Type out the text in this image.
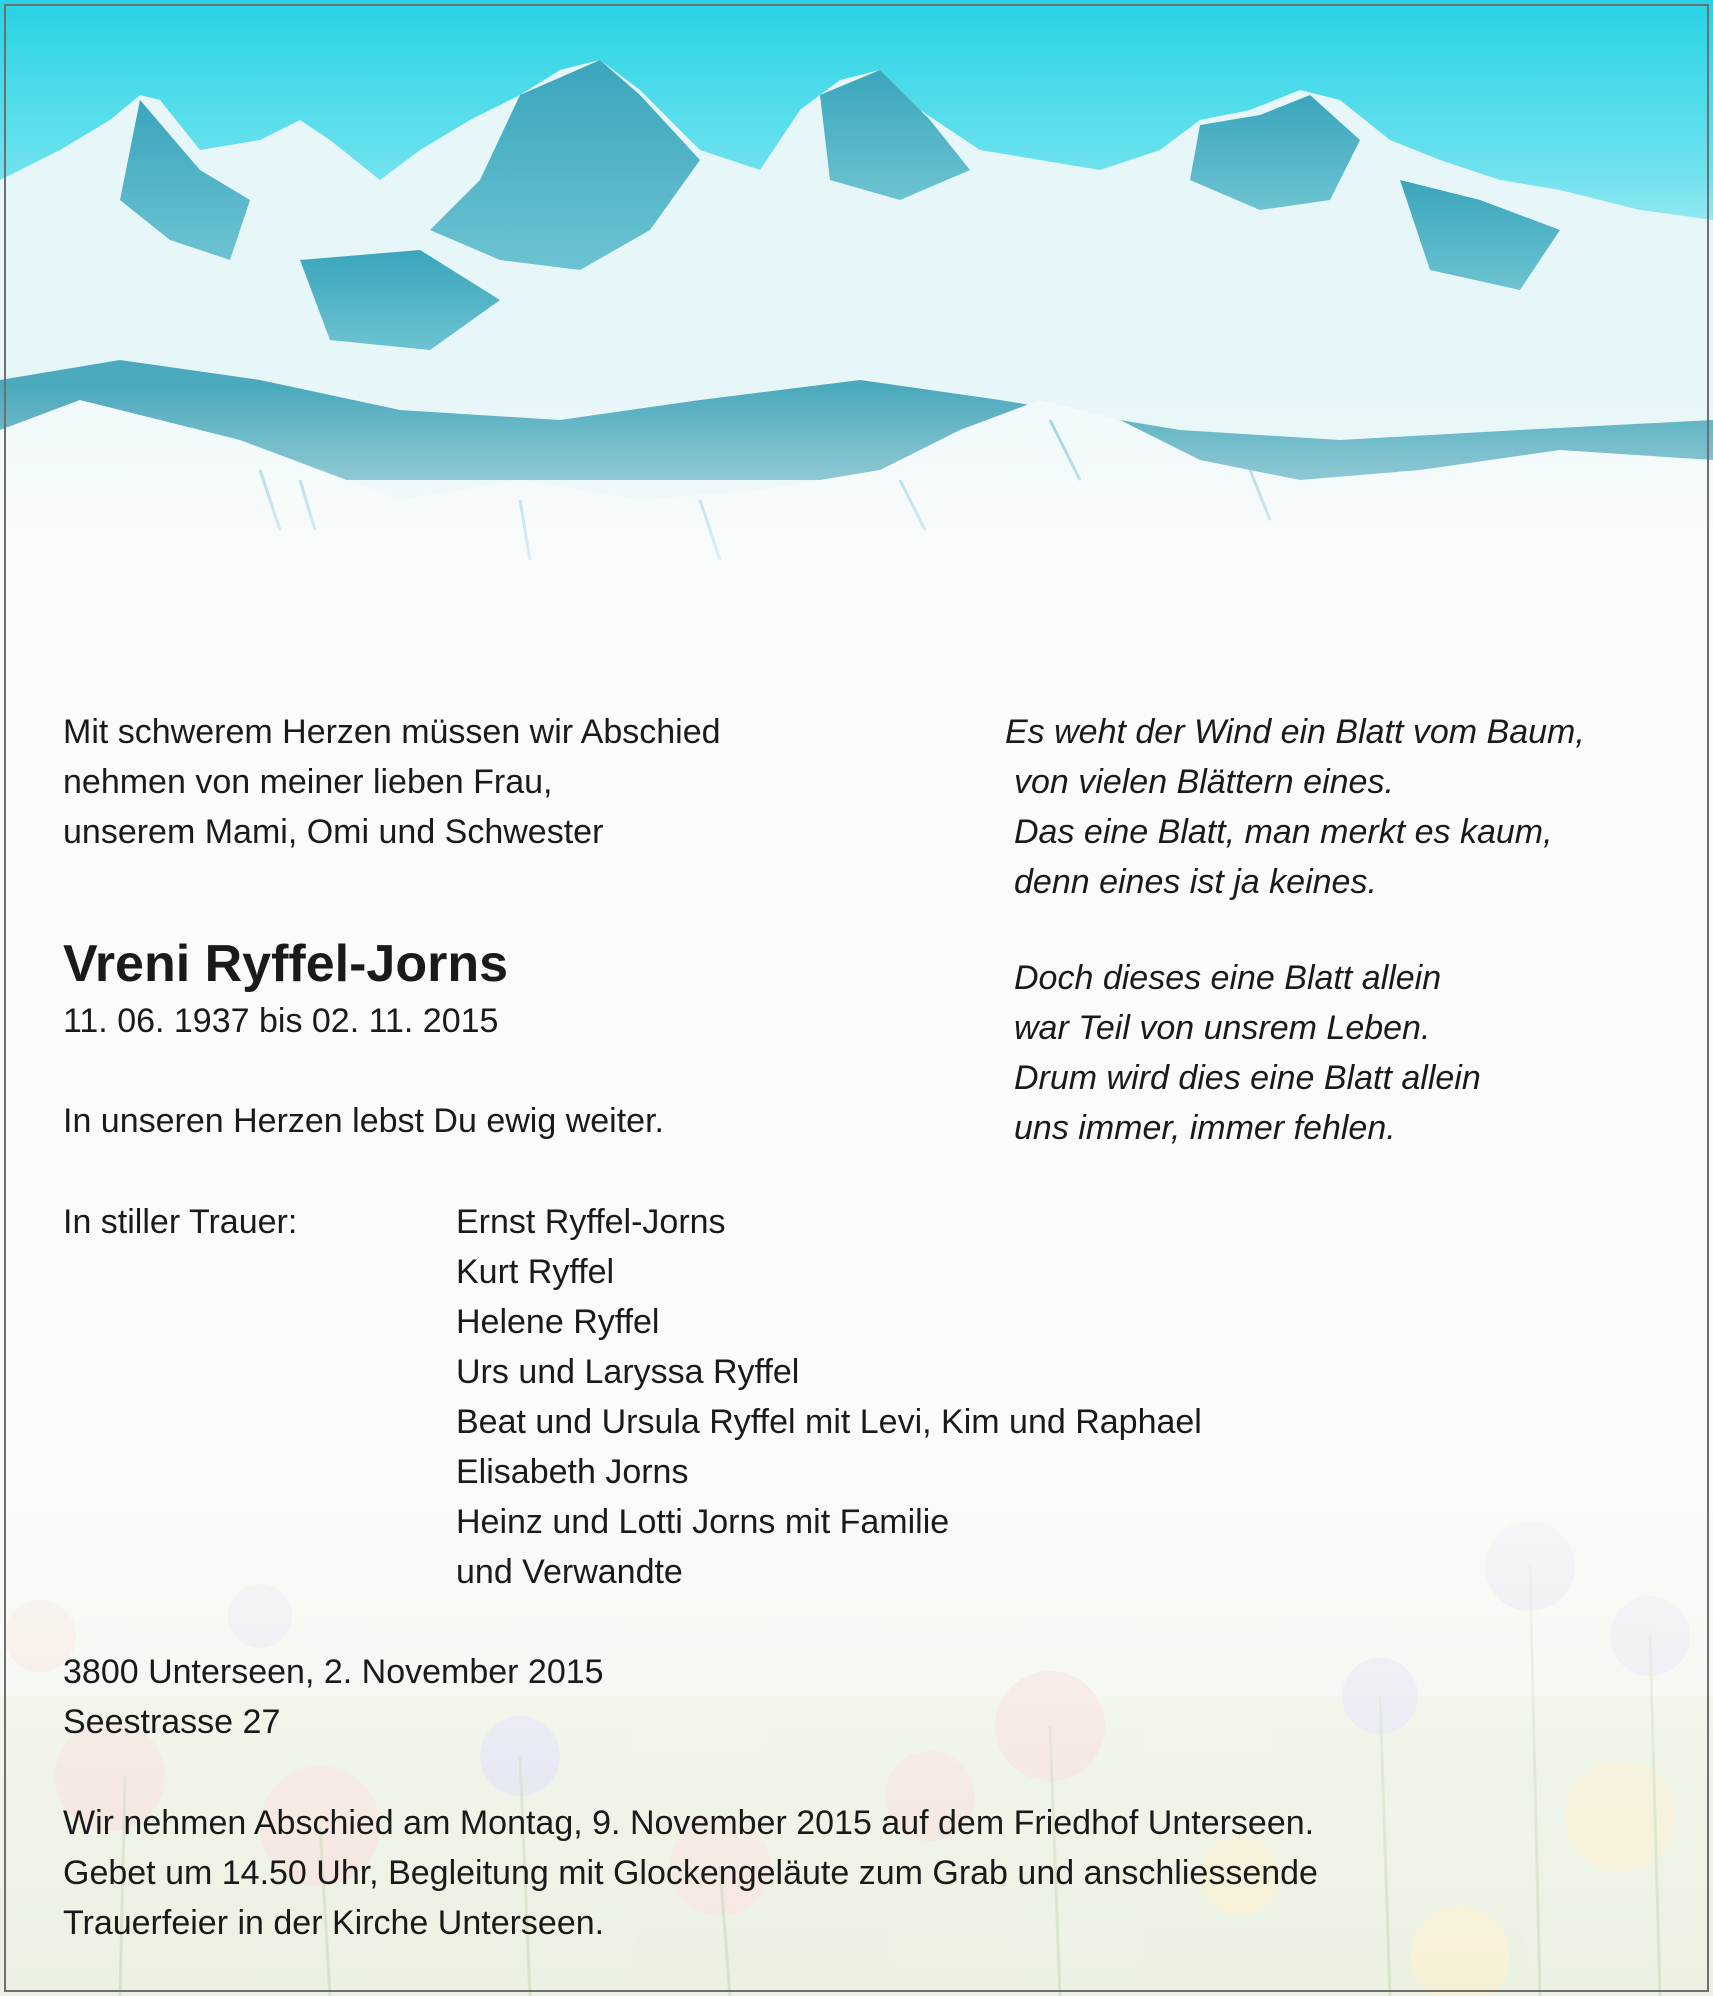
Mit schwerem Herzen müssen wir Abschied
nehmen von meiner lieben Frau,
unserem Mami, Omi und Schwester
Es weht der Wind ein Blatt vom Baum,
von vielen Blättern eines.
Das eine Blatt, man merkt es kaum,
denn eines ist ja keines.
Doch dieses eine Blatt allein
war Teil von unsrem Leben.
Drum wird dies eine Blatt allein
uns immer, immer fehlen.
Vreni Ryffel-Jorns
11. 06. 1937 bis 02. 11. 2015
In unseren Herzen lebst Du ewig weiter.
In stiller Trauer:	Ernst Ryffel-Jorns
Kurt Ryffel
Helene Ryffel
Urs und Laryssa Ryffel
Beat und Ursula Ryffel mit Levi, Kim und Raphael
Elisabeth Jorns
Heinz und Lotti Jorns mit Familie
und Verwandte
3800 Unterseen, 2. November 2015
Seestrasse 27
Wir nehmen Abschied am Montag, 9. November 2015 auf dem Friedhof Unterseen.
Gebet um 14.50 Uhr, Begleitung mit Glockengeläute zum Grab und anschliessende
Trauerfeier in der Kirche Unterseen.
